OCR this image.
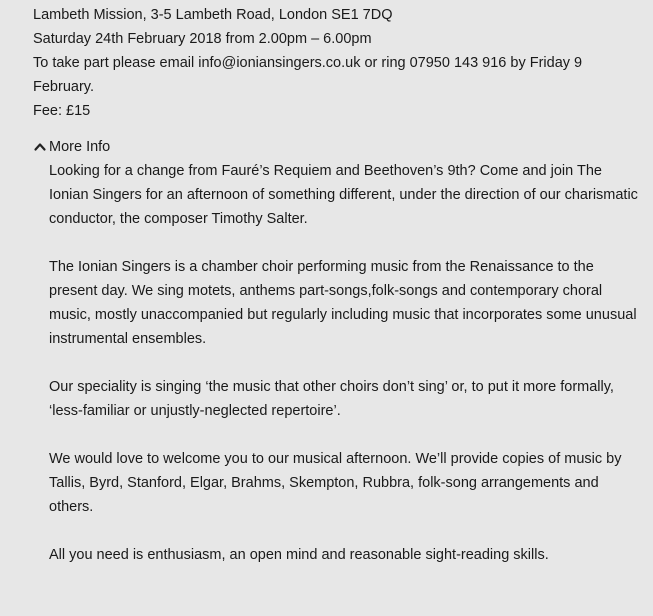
Lambeth Mission, 3-5 Lambeth Road, London SE1 7DQ

Saturday 24th February 2018 from 2.00pm – 6.00pm

To take part please email info@ioniansingers.co.uk or ring 07950 143 916 by Friday 9 February.

Fee: £15

More Info

Looking for a change from Fauré’s Requiem and Beethoven’s 9th? Come and join The Ionian Singers for an afternoon of something different, under the direction of our charismatic conductor, the composer Timothy Salter.

The Ionian Singers is a chamber choir performing music from the Renaissance to the present day. We sing motets, anthems part-songs,folk-songs and contemporary choral music, mostly unaccompanied but regularly including music that incorporates some unusual instrumental ensembles.

Our speciality is singing ‘the music that other choirs don’t sing’ or, to put it more formally, ‘less-familiar or unjustly-neglected repertoire’.

We would love to welcome you to our musical afternoon. We’ll provide copies of music by Tallis, Byrd, Stanford, Elgar, Brahms, Skempton, Rubbra, folk-song arrangements and others.

All you need is enthusiasm, an open mind and reasonable sight-reading skills.
